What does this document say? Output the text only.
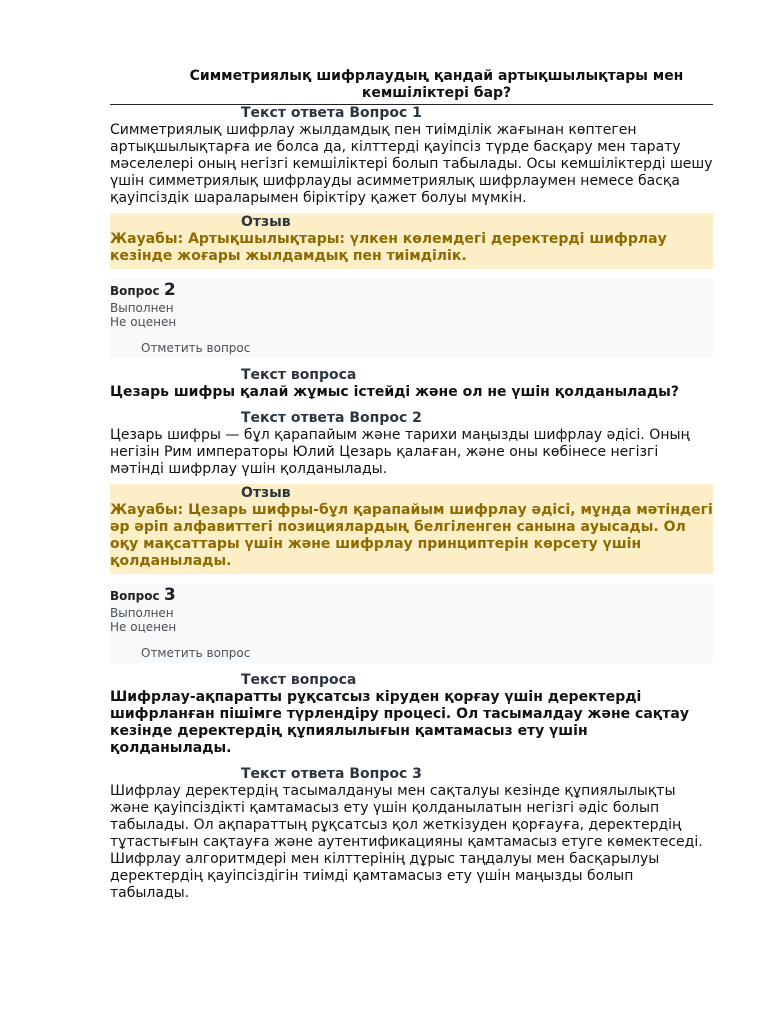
Симметриялық шифрлаудың қандай артықшылықтары мен
кемшіліктері бар?
Текст ответа Вопрос 1

Симметриялық шифрлау жылдамдық пен тиімділік жағынан көптеген артықшылықтарға ие болса да, кілттерді қауіпсіз түрде басқару мен тарату мәселелері оның негізгі кемшіліктері болып табылады. Осы кемшіліктерді шешу үшін симметриялық шифрлауды асимметриялық шифрлаумен немесе басқа қауіпсіздік шараларымен біріктіру қажет болуы мүмкін.

Отзыв

Жауабы: Артықшылықтары: үлкен көлемдегі деректерді шифрлау кезінде жоғары жылдамдық пен тиімділік.

Вопрос 2
Выполнен
Не оценен
Отметить вопрос
Текст вопроса

Цезарь шифры қалай жұмыс істейді және ол не үшін қолданылады?

Текст ответа Вопрос 2

Цезарь шифры — бұл қарапайым және тарихи маңызды шифрлау әдісі. Оның негізін Рим императоры Юлий Цезарь қалаған, және оны көбінесе негізгі мәтінді шифрлау үшін қолданылады.

Отзыв

Жауабы: Цезарь шифры-бұл қарапайым шифрлау әдісі, мұнда мәтіндегі әр әріп алфавиттегі позициялардың белгіленген санына ауысады. Ол оқу мақсаттары үшін және шифрлау принциптерін көрсету үшін қолданылады.

Вопрос 3
Выполнен
Не оценен
Отметить вопрос
Текст вопроса

Шифрлау-ақпаратты рұқсатсыз кіруден қорғау үшін деректерді шифрланған пішімге түрлендіру процесі. Ол тасымалдау және сақтау кезінде деректердің құпиялылығын қамтамасыз ету үшін қолданылады.

Текст ответа Вопрос 3

Шифрлау деректердің тасымалдануы мен сақталуы кезінде құпиялылықты және қауіпсіздікті қамтамасыз ету үшін қолданылатын негізгі әдіс болып табылады. Ол ақпараттың рұқсатсыз қол жеткізуден қорғауға, деректердің тұтастығын сақтауға және аутентификацияны қамтамасыз етуге көмектеседі. Шифрлау алгоритмдері мен кілттерінің дұрыс таңдалуы мен басқарылуы деректердің қауіпсіздігін тиімді қамтамасыз ету үшін маңызды болып табылады.
